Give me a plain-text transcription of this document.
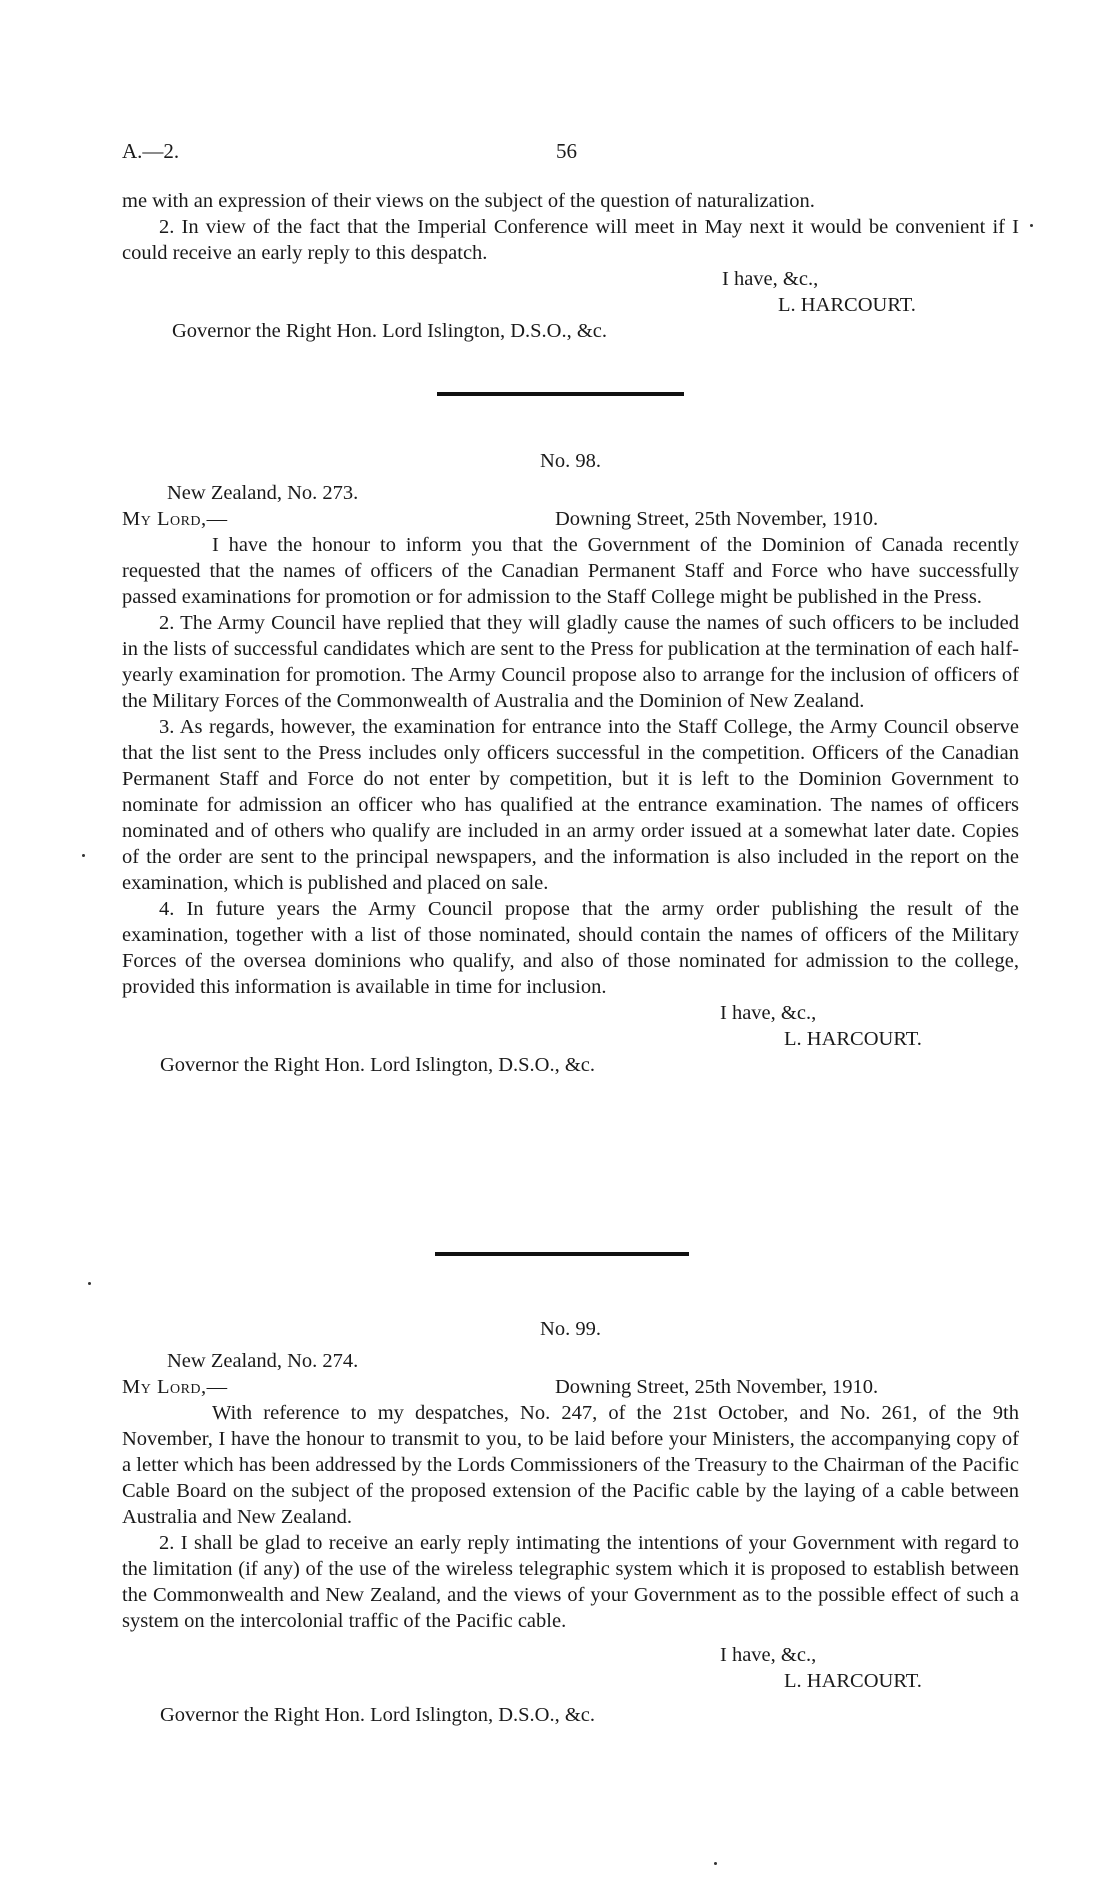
A.—2.	56

me with an expression of their views on the subject of the question of naturalization.

2. In view of the fact that the Imperial Conference will meet in May next it would be convenient if I could receive an early reply to this despatch.

I have, &c.,
L. HARCOURT.
Governor the Right Hon. Lord Islington, D.S.O., &c.
No. 98.
New Zealand, No. 273.
My Lord,—	Downing Street, 25th November, 1910.

I have the honour to inform you that the Government of the Dominion of Canada recently requested that the names of officers of the Canadian Permanent Staff and Force who have successfully passed examinations for promotion or for admission to the Staff College might be published in the Press.

2. The Army Council have replied that they will gladly cause the names of such officers to be included in the lists of successful candidates which are sent to the Press for publication at the termination of each half-yearly examination for promotion. The Army Council propose also to arrange for the inclusion of officers of the Military Forces of the Commonwealth of Australia and the Dominion of New Zealand.

3. As regards, however, the examination for entrance into the Staff College, the Army Council observe that the list sent to the Press includes only officers successful in the competition. Officers of the Canadian Permanent Staff and Force do not enter by competition, but it is left to the Dominion Government to nominate for admission an officer who has qualified at the entrance examination. The names of officers nominated and of others who qualify are included in an army order issued at a somewhat later date. Copies of the order are sent to the principal newspapers, and the information is also included in the report on the examination, which is published and placed on sale.

4. In future years the Army Council propose that the army order publishing the result of the examination, together with a list of those nominated, should contain the names of officers of the Military Forces of the oversea dominions who qualify, and also of those nominated for admission to the college, provided this information is available in time for inclusion.

I have, &c.,
L. HARCOURT.
Governor the Right Hon. Lord Islington, D.S.O., &c.
No. 99.
New Zealand, No. 274.
My Lord,—	Downing Street, 25th November, 1910.

With reference to my despatches, No. 247, of the 21st October, and No. 261, of the 9th November, I have the honour to transmit to you, to be laid before your Ministers, the accompanying copy of a letter which has been addressed by the Lords Commissioners of the Treasury to the Chairman of the Pacific Cable Board on the subject of the proposed extension of the Pacific cable by the laying of a cable between Australia and New Zealand.

2. I shall be glad to receive an early reply intimating the intentions of your Government with regard to the limitation (if any) of the use of the wireless telegraphic system which it is proposed to establish between the Commonwealth and New Zealand, and the views of your Government as to the possible effect of such a system on the intercolonial traffic of the Pacific cable.

I have, &c.,
L. HARCOURT.
Governor the Right Hon. Lord Islington, D.S.O., &c.
